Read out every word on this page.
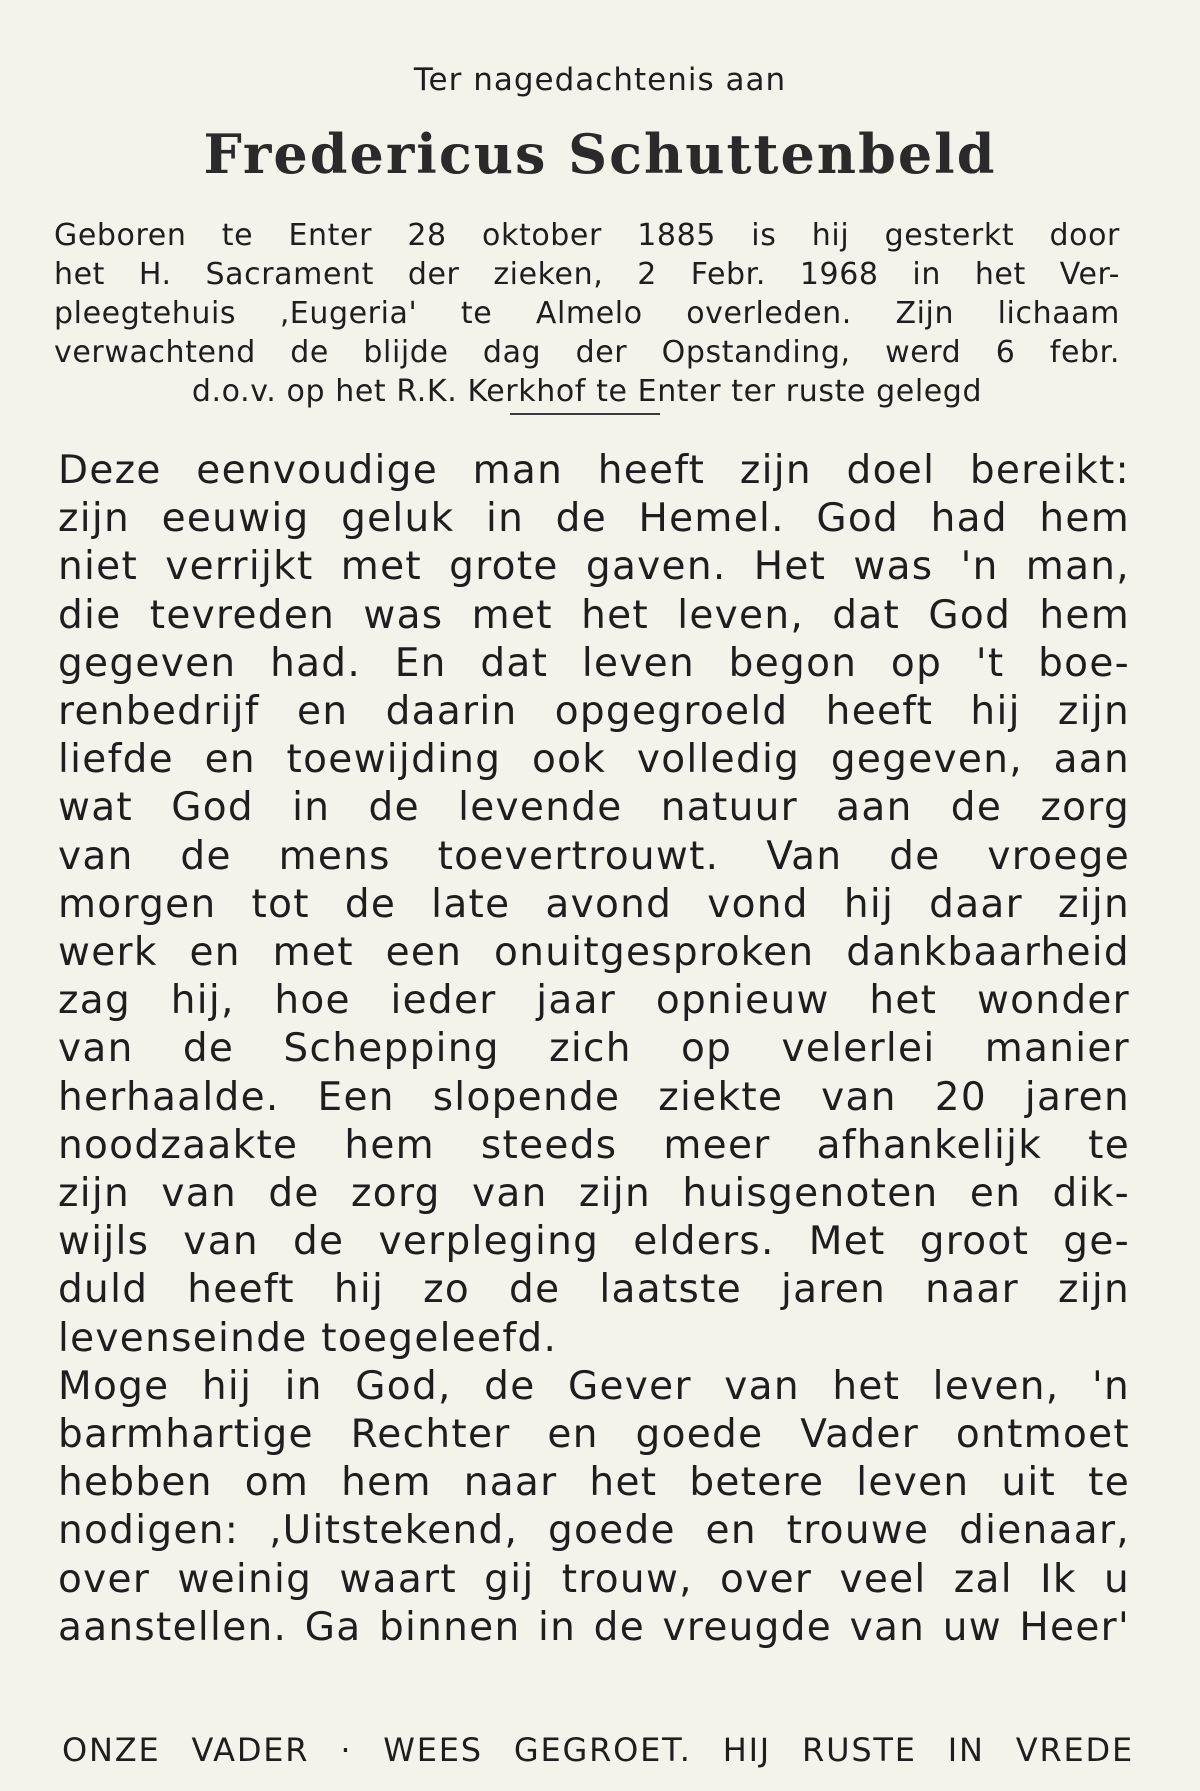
Ter nagedachtenis aan
Fredericus Schuttenbeld
Geboren te Enter 28 oktober 1885 is hij gesterkt door
het H. Sacrament der zieken, 2 Febr. 1968 in het Ver-
pleegtehuis ‚Eugeria' te Almelo overleden. Zijn lichaam
verwachtend de blijde dag der Opstanding, werd 6 febr.
d.o.v. op het R.K. Kerkhof te Enter ter ruste gelegd
Deze eenvoudige man heeft zijn doel bereikt:
zijn eeuwig geluk in de Hemel. God had hem
niet verrijkt met grote gaven. Het was 'n man,
die tevreden was met het leven, dat God hem
gegeven had. En dat leven begon op 't boe-
renbedrijf en daarin opgegroeld heeft hij zijn
liefde en toewijding ook volledig gegeven, aan
wat God in de levende natuur aan de zorg
van de mens toevertrouwt. Van de vroege
morgen tot de late avond vond hij daar zijn
werk en met een onuitgesproken dankbaarheid
zag hij, hoe ieder jaar opnieuw het wonder
van de Schepping zich op velerlei manier
herhaalde. Een slopende ziekte van 20 jaren
noodzaakte hem steeds meer afhankelijk te
zijn van de zorg van zijn huisgenoten en dik-
wijls van de verpleging elders. Met groot ge-
duld heeft hij zo de laatste jaren naar zijn
levenseinde toegeleefd.
Moge hij in God, de Gever van het leven, 'n
barmhartige Rechter en goede Vader ontmoet
hebben om hem naar het betere leven uit te
nodigen: ‚Uitstekend, goede en trouwe dienaar,
over weinig waart gij trouw, over veel zal Ik u
aanstellen. Ga binnen in de vreugde van uw Heer'
ONZE VADER · WEES GEGROET. HIJ RUSTE IN VREDE
